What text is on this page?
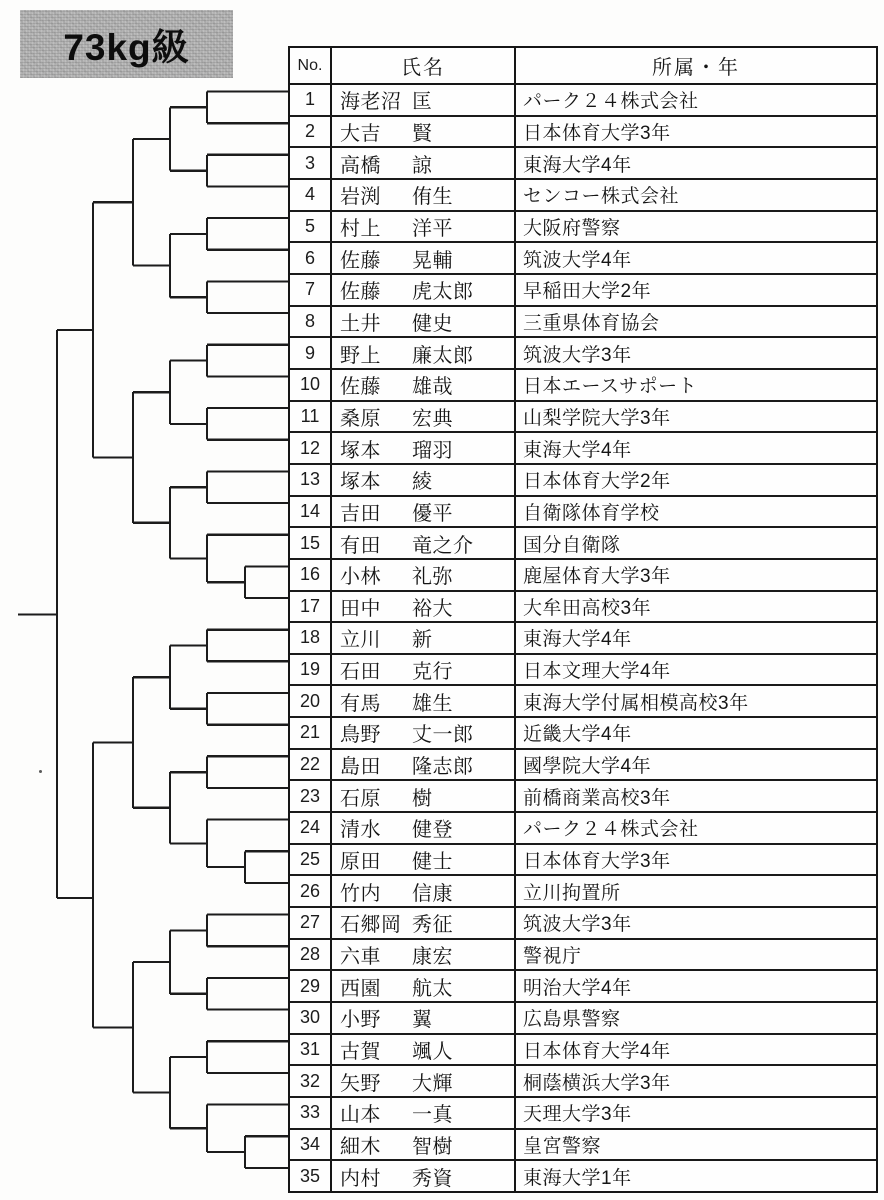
73kg級	No.	氏名	所属・年
1	海老沼 匡	パーク２４株式会社
2	大吉	賢	日本体育大学3年
3	高橋	諒	東海大学4年
4	岩渕	侑生	センコー株式会社
5	村上	洋平	大阪府警察
6	佐藤	晃輔	筑波大学4年
7	佐藤	虎太郎	早稲田大学2年
8	土井	健史	三重県体育協会
9	野上	廉太郎	筑波大学3年
10 佐藤	雄哉	日本エースサポート
11	桑原	宏典	山梨学院大学3年
12 塚本	瑠羽	東海大学4年
13 塚本	綾	日本体育大学2年
14 吉田	優平	自衛隊体育学校
15 有田	竜之介	国分自衛隊
16 小林	礼弥	鹿屋体育大学3年
17 田中	裕大	大牟田高校3年
18 立川	新	東海大学4年
19 石田	克行	日本文理大学4年
20 有馬	雄生	東海大学付属相模高校3年
21 鳥野	丈一郎	近畿大学4年
22 島田	隆志郎	國學院大学4年
23 石原	樹	前橋商業高校3年
24 清水	健登	パーク２４株式会社
25 原田	健士	日本体育大学3年
26 竹内	信康	立川拘置所
27 石郷岡 秀征	筑波大学3年
28 六車	康宏	警視庁
29 西園	航太	明治大学4年
30 小野	翼	広島県警察
31 古賀	颯人	日本体育大学4年
32 矢野	大輝	桐蔭横浜大学3年
33 山本	一真	天理大学3年
34 細木	智樹	皇宮警察
35 内村	秀資	東海大学1年
